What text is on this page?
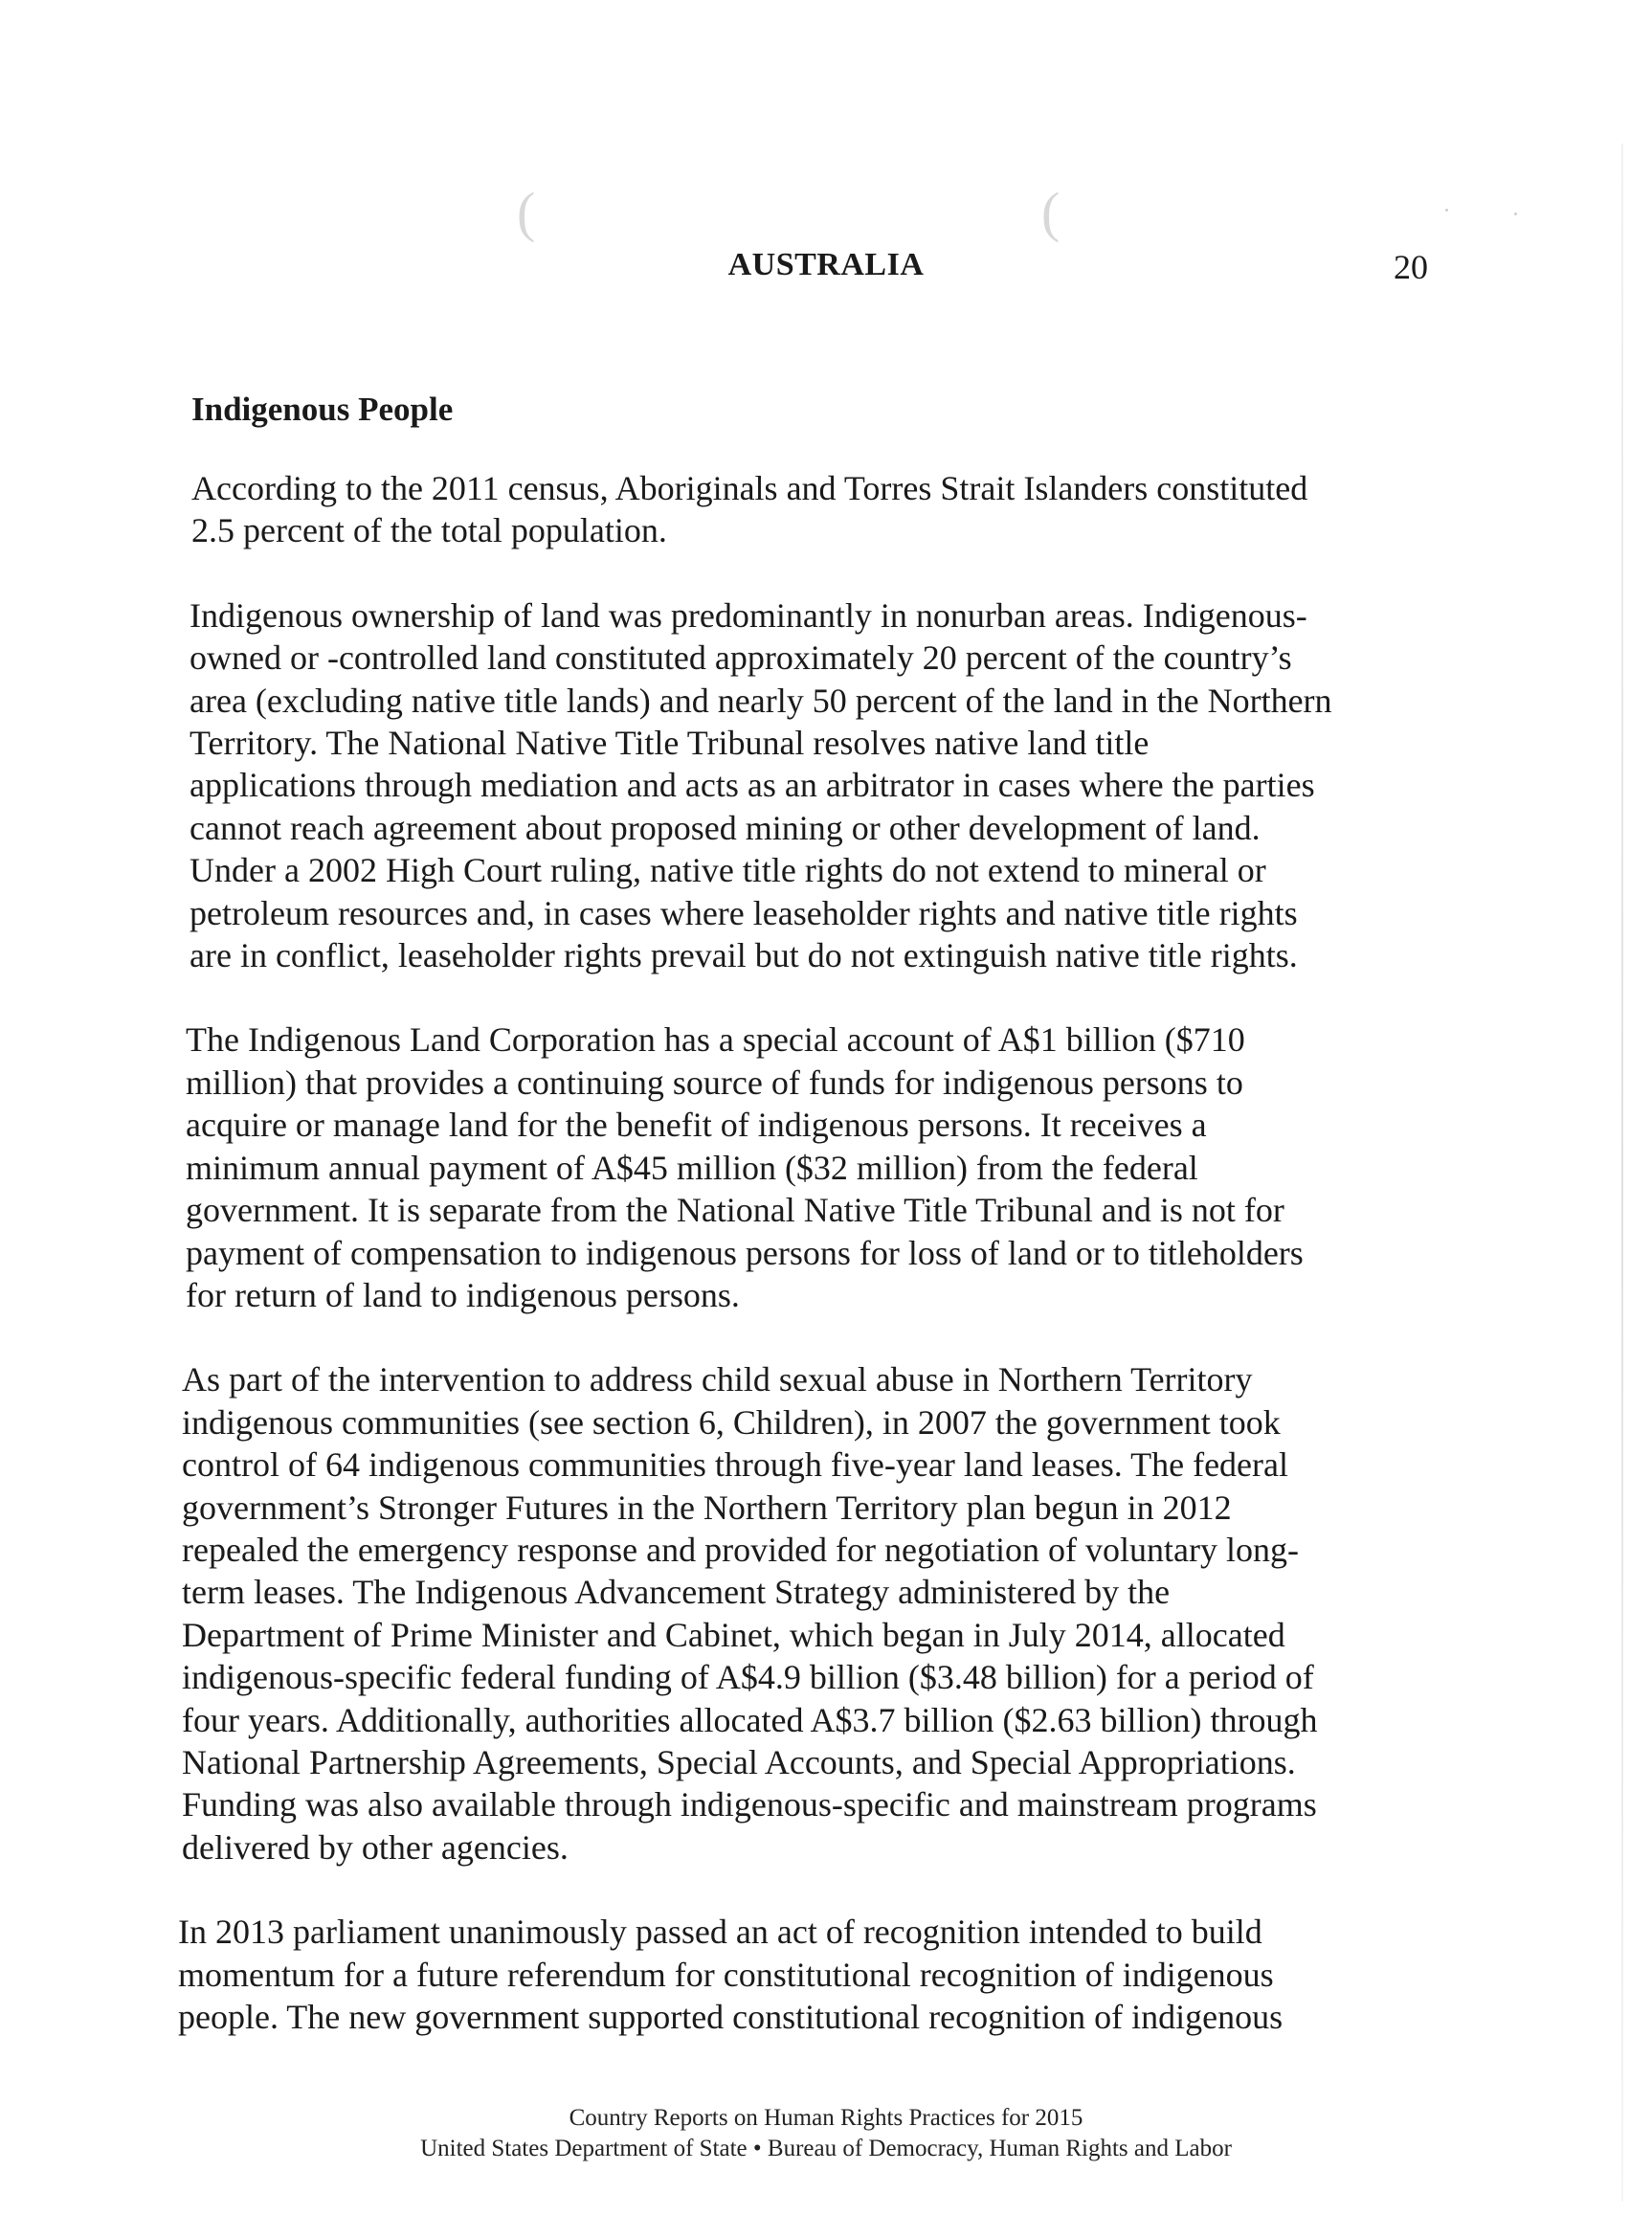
(	(
AUSTRALIA	20
Indigenous People
According to the 2011 census, Aboriginals and Torres Strait Islanders constituted
2.5 percent of the total population.
Indigenous ownership of land was predominantly in nonurban areas. Indigenous-
owned or -controlled land constituted approximately 20 percent of the country’s
area (excluding native title lands) and nearly 50 percent of the land in the Northern
Territory. The National Native Title Tribunal resolves native land title
applications through mediation and acts as an arbitrator in cases where the parties
cannot reach agreement about proposed mining or other development of land.
Under a 2002 High Court ruling, native title rights do not extend to mineral or
petroleum resources and, in cases where leaseholder rights and native title rights
are in conflict, leaseholder rights prevail but do not extinguish native title rights.
The Indigenous Land Corporation has a special account of A$1 billion ($710
million) that provides a continuing source of funds for indigenous persons to
acquire or manage land for the benefit of indigenous persons. It receives a
minimum annual payment of A$45 million ($32 million) from the federal
government. It is separate from the National Native Title Tribunal and is not for
payment of compensation to indigenous persons for loss of land or to titleholders
for return of land to indigenous persons.
As part of the intervention to address child sexual abuse in Northern Territory
indigenous communities (see section 6, Children), in 2007 the government took
control of 64 indigenous communities through five-year land leases. The federal
government’s Stronger Futures in the Northern Territory plan begun in 2012
repealed the emergency response and provided for negotiation of voluntary long-
term leases. The Indigenous Advancement Strategy administered by the
Department of Prime Minister and Cabinet, which began in July 2014, allocated
indigenous-specific federal funding of A$4.9 billion ($3.48 billion) for a period of
four years. Additionally, authorities allocated A$3.7 billion ($2.63 billion) through
National Partnership Agreements, Special Accounts, and Special Appropriations.
Funding was also available through indigenous-specific and mainstream programs
delivered by other agencies.
In 2013 parliament unanimously passed an act of recognition intended to build
momentum for a future referendum for constitutional recognition of indigenous
people. The new government supported constitutional recognition of indigenous
Country Reports on Human Rights Practices for 2015
United States Department of State • Bureau of Democracy, Human Rights and Labor
